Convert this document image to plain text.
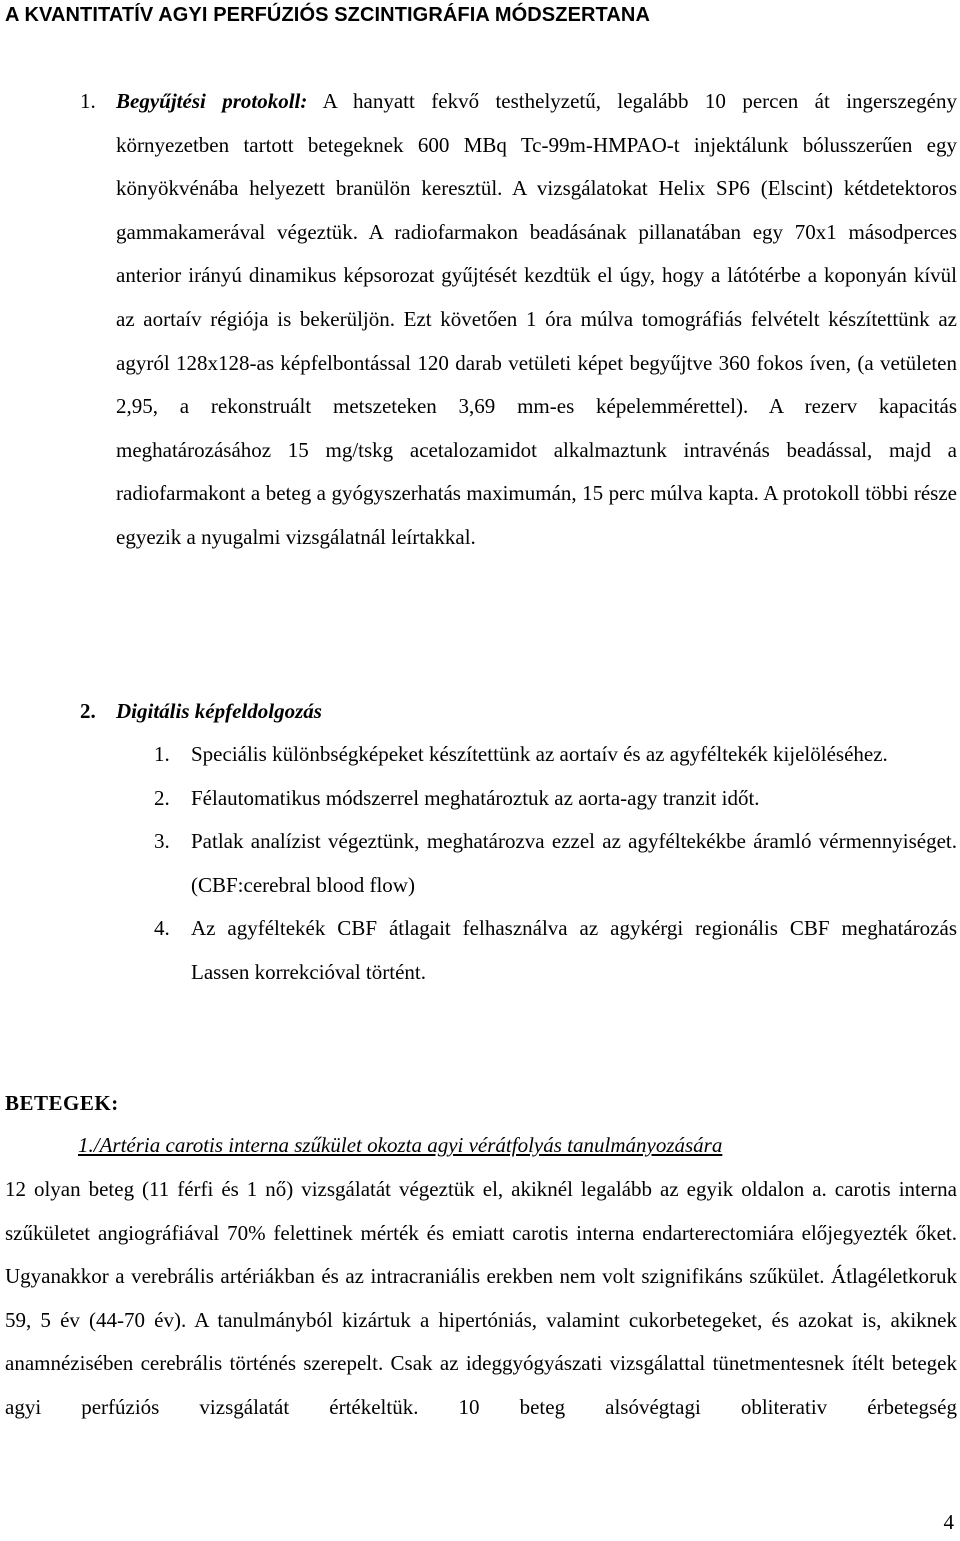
A KVANTITATÍV AGYI PERFÚZIÓS SZCINTIGRÁFIA MÓDSZERTANA

1. Begyűjtési protokoll: A hanyatt fekvő testhelyzetű, legalább 10 percen át ingerszegény környezetben tartott betegeknek 600 MBq Tc-99m-HMPAO-t injektálunk bólusszerűen egy könyökvénába helyezett branülön keresztül. A vizsgálatokat Helix SP6 (Elscint) kétdetektoros gammakamerával végeztük. A radiofarmakon beadásának pillanatában egy 70x1 másodperces anterior irányú dinamikus képsorozat gyűjtését kezdtük el úgy, hogy a látótérbe a koponyán kívül az aortaív régiója is bekerüljön. Ezt követően 1 óra múlva tomográfiás felvételt készítettünk az agyról 128x128-as képfelbontással 120 darab vetületi képet begyűjtve 360 fokos íven, (a vetületen 2,95, a rekonstruált metszeteken 3,69 mm-es képelemmérettel). A rezerv kapacitás meghatározásához 15 mg/tskg acetalozamidot alkalmaztunk intravénás beadással, majd a radiofarmakont a beteg a gyógyszerhatás maximumán, 15 perc múlva kapta. A protokoll többi része egyezik a nyugalmi vizsgálatnál leírtakkal.

2. Digitális képfeldolgozás
1. Speciális különbségképeket készítettünk az aortaív és az agyféltekék kijelöléséhez.
2. Félautomatikus módszerrel meghatároztuk az aorta-agy tranzit időt.
3. Patlak analízist végeztünk, meghatározva ezzel az agyféltekékbe áramló vérmennyiséget. (CBF:cerebral blood flow)
4. Az agyféltekék CBF átlagait felhasználva az agykérgi regionális CBF meghatározás Lassen korrekcióval történt.
BETEGEK:
1./Artéria carotis interna szűkület okozta agyi vérátfolyás tanulmányozására

12 olyan beteg (11 férfi és 1 nő) vizsgálatát végeztük el, akiknél legalább az egyik oldalon a. carotis interna szűkületet angiográfiával 70% felettinek mérték és emiatt carotis interna endarterectomiára előjegyezték őket. Ugyanakkor a verebrális artériákban és az intracraniális erekben nem volt szignifikáns szűkület. Átlagéletkoruk 59, 5 év (44-70 év). A tanulmányból kizártuk a hipertóniás, valamint cukorbetegeket, és azokat is, akiknek anamnézisében cerebrális történés szerepelt. Csak az ideggyógyászati vizsgálattal tünetmentesnek ítélt betegek agyi perfúziós vizsgálatát értékeltük. 10 beteg alsóvégtagi obliterativ érbetegség

4
